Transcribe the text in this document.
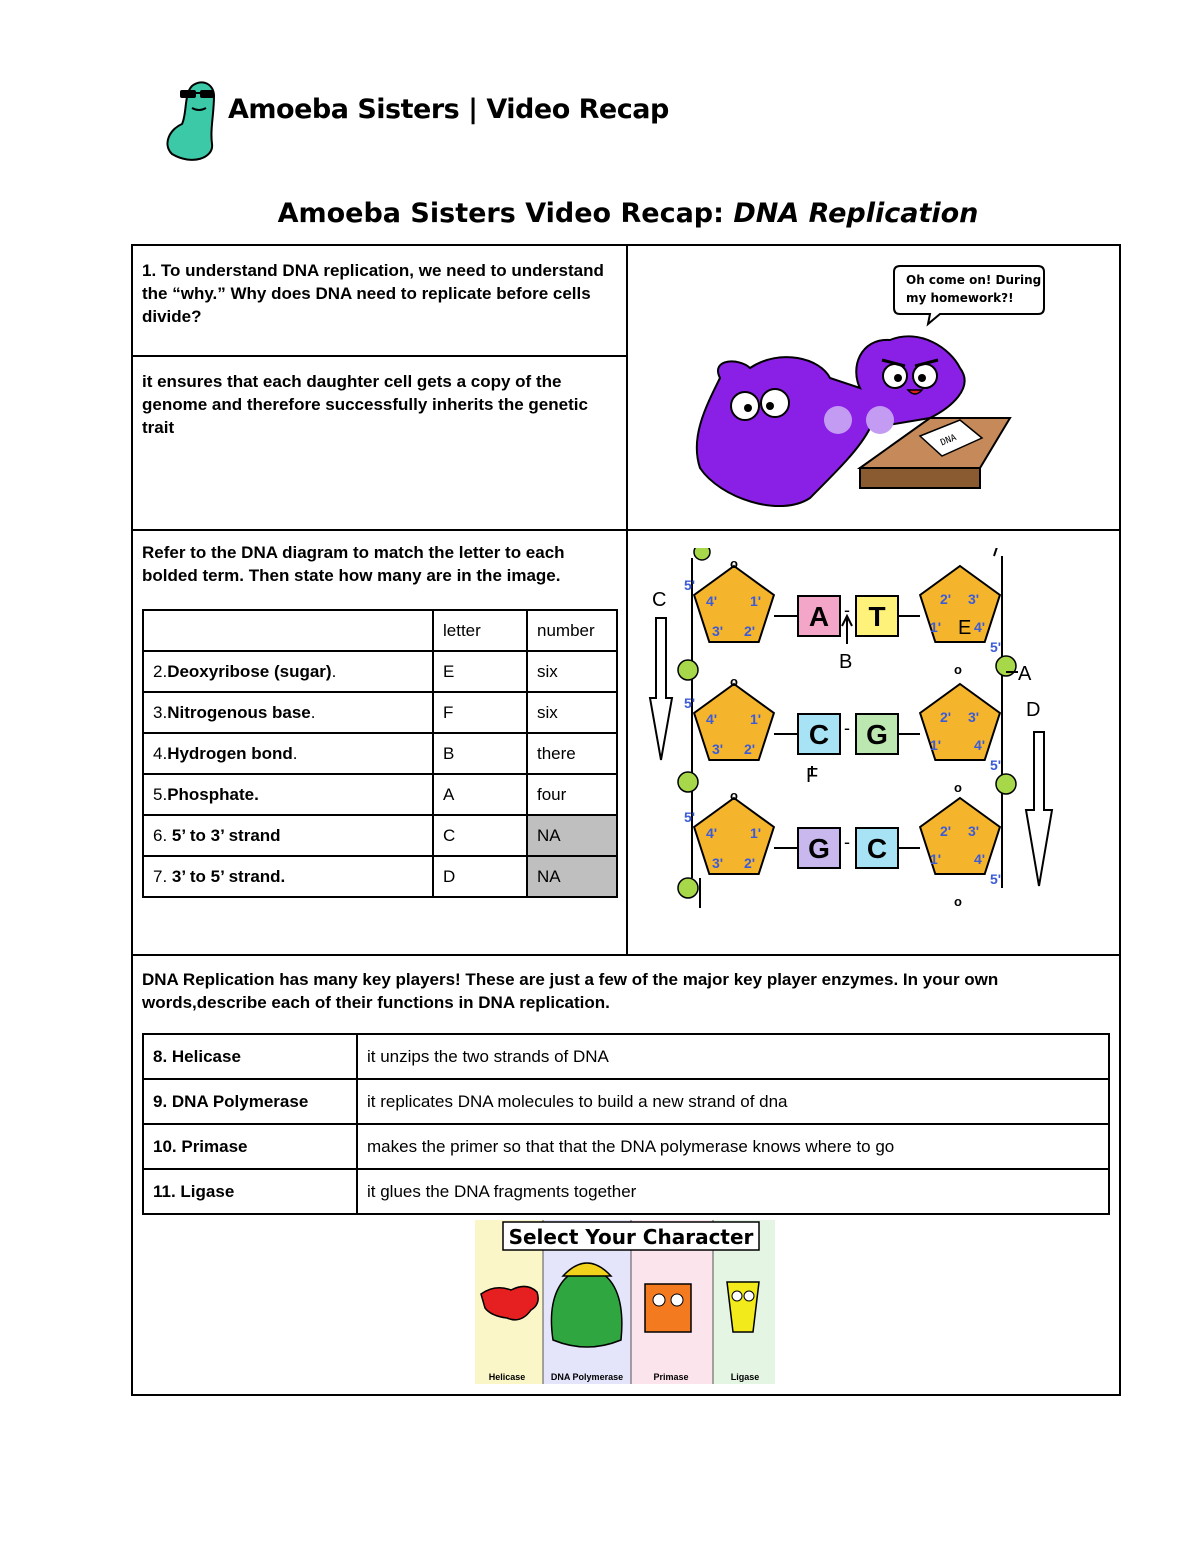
Amoeba Sisters | Video Recap
Amoeba Sisters Video Recap: DNA Replication
1. To understand DNA replication, we need to understand the “why.” Why does DNA need to replicate before cells divide?
it ensures that each daughter cell gets a copy of the genome and therefore successfully inherits the genetic trait
Oh come on! During
my homework?!
DNA
Refer to the DNA diagram to match the letter to each bolded term. Then state how many are in the image.
	letter	number
2.Deoxyribose (sugar).	E	six
3.Nitrogenous base.	F	six
4.Hydrogen bond.	B	there
5.Phosphate.	A	four
6. 5’ to 3’ strand	C	NA
7. 3’ to 5’ strand.	D	NA
5'
4' 1'
3' 2'
o
2' 3'
1' 4'
5'
o
A - T
5'
4' 1'
3' 2'
o
2' 3'
1' 4'
5'
o
C - G
5'
4' 1'
3' 2'
o
2' 3'
1' 4'
5'
o
G - C
C
B
A
D
F
E
DNA Replication has many key players! These are just a few of the major key player enzymes. In your own words,describe each of their functions in DNA replication.
8. Helicase	it unzips the two strands of DNA
9. DNA Polymerase	it replicates DNA molecules to build a new strand of dna
10. Primase	makes the primer so that that the DNA polymerase knows where to go
11. Ligase	it glues the DNA fragments together
Select Your Character
Helicase	DNA Polymerase	Primase	Ligase
